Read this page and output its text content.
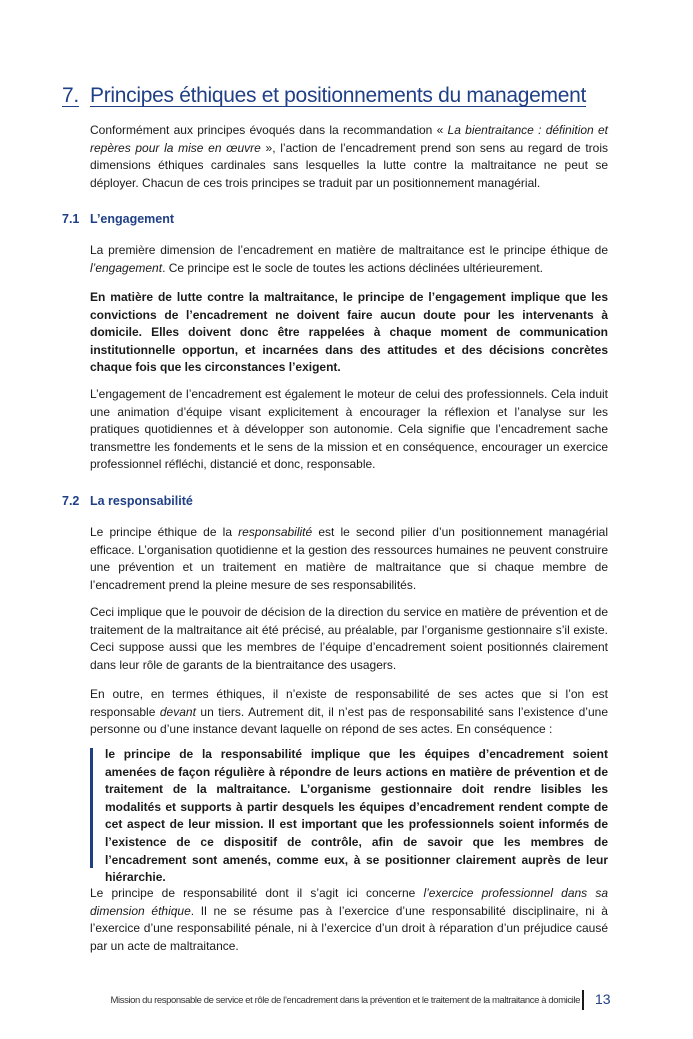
7. Principes éthiques et positionnements du management

Conformément aux principes évoqués dans la recommandation « La bientraitance : définition et repères pour la mise en œuvre », l’action de l’encadrement prend son sens au regard de trois dimensions éthiques cardinales sans lesquelles la lutte contre la maltraitance ne peut se déployer. Chacun de ces trois principes se traduit par un positionnement managérial.

7.1 L’engagement

La première dimension de l’encadrement en matière de maltraitance est le principe éthique de l’engagement. Ce principe est le socle de toutes les actions déclinées ultérieurement.

En matière de lutte contre la maltraitance, le principe de l’engagement implique que les convictions de l’encadrement ne doivent faire aucun doute pour les intervenants à domicile. Elles doivent donc être rappelées à chaque moment de communication institutionnelle opportun, et incarnées dans des attitudes et des décisions concrètes chaque fois que les circonstances l’exigent.

L’engagement de l’encadrement est également le moteur de celui des professionnels. Cela induit une animation d’équipe visant explicitement à encourager la réflexion et l’analyse sur les pratiques quotidiennes et à développer son autonomie. Cela signifie que l’encadrement sache transmettre les fondements et le sens de la mission et en conséquence, encourager un exercice professionnel réfléchi, distancié et donc, responsable.

7.2 La responsabilité

Le principe éthique de la responsabilité est le second pilier d’un positionnement managérial efficace. L’organisation quotidienne et la gestion des ressources humaines ne peuvent construire une prévention et un traitement en matière de maltraitance que si chaque membre de l’encadrement prend la pleine mesure de ses responsabilités.

Ceci implique que le pouvoir de décision de la direction du service en matière de prévention et de traitement de la maltraitance ait été précisé, au préalable, par l’organisme gestionnaire s’il existe. Ceci suppose aussi que les membres de l’équipe d’encadrement soient positionnés clairement dans leur rôle de garants de la bientraitance des usagers.

En outre, en termes éthiques, il n’existe de responsabilité de ses actes que si l’on est responsable devant un tiers. Autrement dit, il n’est pas de responsabilité sans l’existence d’une personne ou d’une instance devant laquelle on répond de ses actes. En conséquence :

le principe de la responsabilité implique que les équipes d’encadrement soient amenées de façon régulière à répondre de leurs actions en matière de prévention et de traitement de la maltraitance. L’organisme gestionnaire doit rendre lisibles les modalités et supports à partir desquels les équipes d’encadrement rendent compte de cet aspect de leur mission. Il est important que les professionnels soient informés de l’existence de ce dispositif de contrôle, afin de savoir que les membres de l’encadrement sont amenés, comme eux, à se positionner clairement auprès de leur hiérarchie.

Le principe de responsabilité dont il s’agit ici concerne l’exercice professionnel dans sa dimension éthique. Il ne se résume pas à l’exercice d’une responsabilité disciplinaire, ni à l’exercice d’une responsabilité pénale, ni à l’exercice d’un droit à réparation d’un préjudice causé par un acte de maltraitance.

Mission du responsable de service et rôle de l’encadrement dans la prévention et le traitement de la maltraitance à domicile 13
